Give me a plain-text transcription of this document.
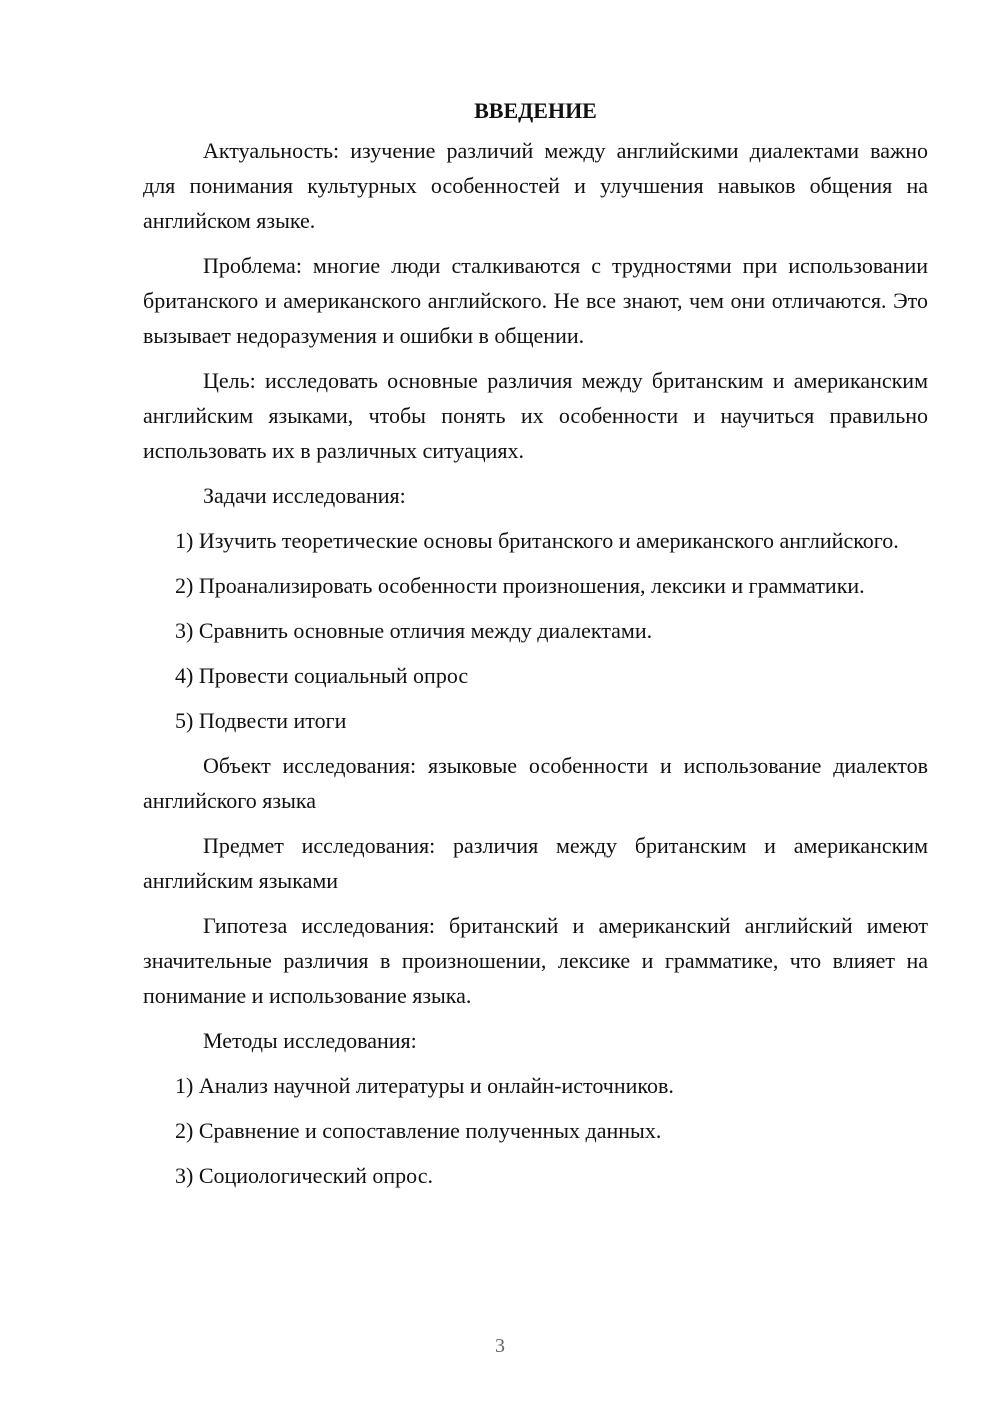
ВВЕДЕНИЕ
Актуальность: изучение различий между английскими диалектами важно для понимания культурных особенностей и улучшения навыков общения на английском языке.
Проблема: многие люди сталкиваются с трудностями при использовании британского и американского английского. Не все знают, чем они отличаются. Это вызывает недоразумения и ошибки в общении.
Цель: исследовать основные различия между британским и американским английским языками, чтобы понять их особенности и научиться правильно использовать их в различных ситуациях.
Задачи исследования:
1) Изучить теоретические основы британского и американского английского.
2) Проанализировать особенности произношения, лексики и грамматики.
3) Сравнить основные отличия между диалектами.
4) Провести социальный опрос
5) Подвести итоги
Объект исследования: языковые особенности и использование диалектов английского языка
Предмет исследования: различия между британским и американским английским языками
Гипотеза исследования: британский и американский английский имеют значительные различия в произношении, лексике и грамматике, что влияет на понимание и использование языка.
Методы исследования:
1) Анализ научной литературы и онлайн-источников.
2) Сравнение и сопоставление полученных данных.
3) Социологический опрос.
3
